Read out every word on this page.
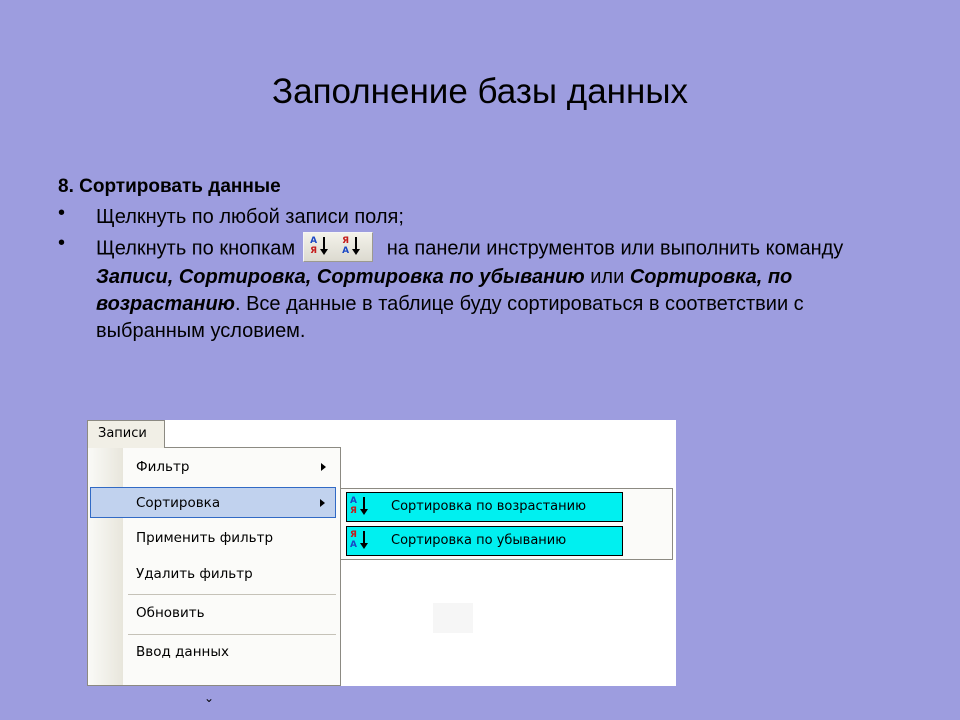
Заполнение базы данных
8. Сортировать данные
• Щелкнуть по любой записи поля;
• Щелкнуть по кнопкам А
Я
Я
А на панели инструментов или выполнить команду Записи, Сортировка, Сортировка по убыванию или Сортировка, по возрастанию. Все данные в таблице буду сортироваться в соответствии с выбранным условием.
Записи
Фильтр
Сортировка
Применить фильтр
Удалить фильтр
Обновить
Ввод данных
⌄
А
Я	Сортировка по возрастанию
Я
А	Сортировка по убыванию
